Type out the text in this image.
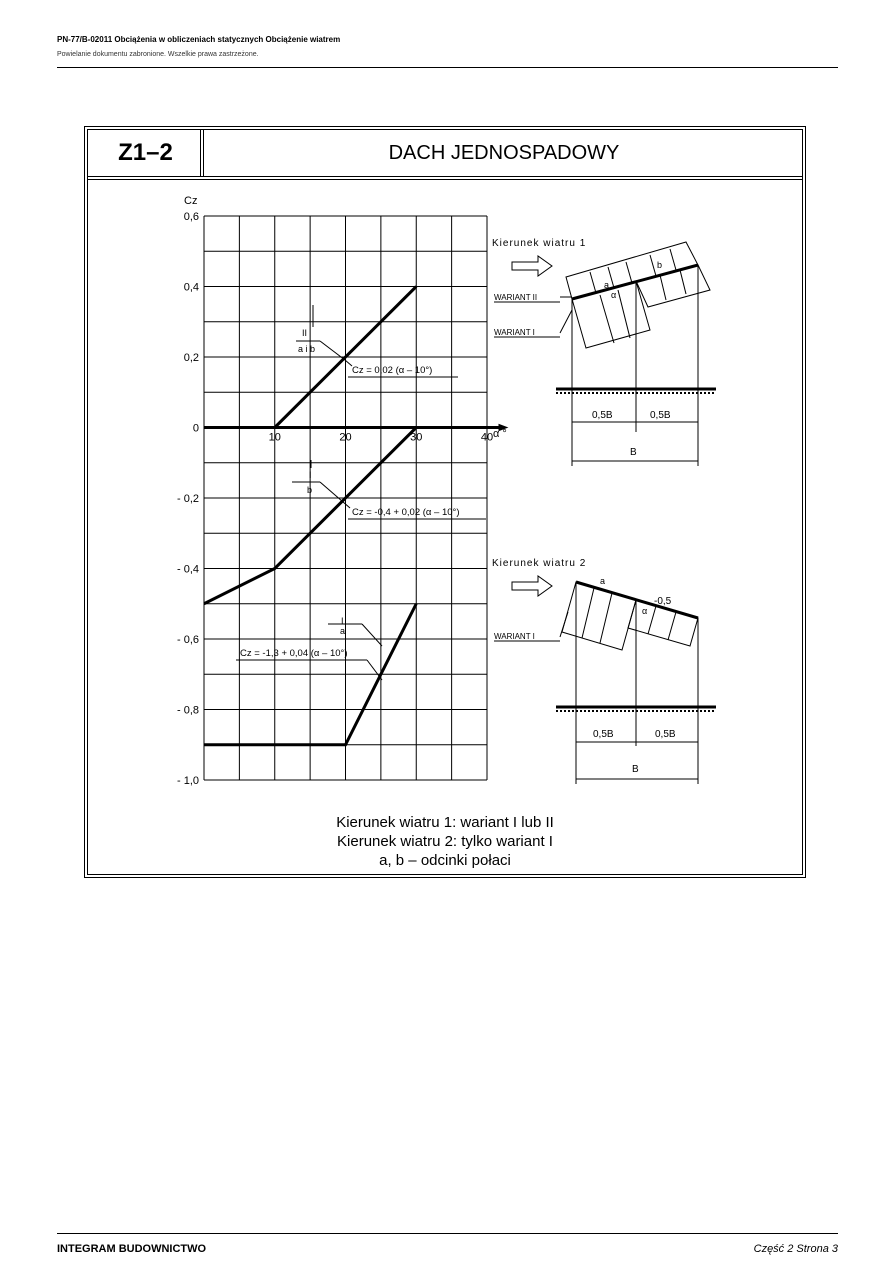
PN-77/B-02011 Obciążenia w obliczeniach statycznych Obciążenie wiatrem
Powielanie dokumentu zabronione. Wszelkie prawa zastrzeżone.
Z1–2	DACH JEDNOSPADOWY
0,6
0,4
0,2
0
- 0,2
- 0,4
- 0,6
- 0,8
- 1,0
10	20	30	40
Cz
α °
II
a i b
Cz = 0,02 (α – 10°)
I
b
Cz = -0,4 + 0,02 (α – 10°)
I
a
Cz = -1,3 + 0,04 (α – 10°)
Kierunek wiatru 1
a
b
α
WARIANT II
WARIANT I
0,5B	0,5B
B
Kierunek wiatru 2
a
-0,5
α
WARIANT I
0,5B	0,5B
B
Kierunek wiatru 1: wariant I lub II
Kierunek wiatru 2: tylko wariant I
a, b – odcinki połaci
INTEGRAM BUDOWNICTWO	Część 2 Strona 3
